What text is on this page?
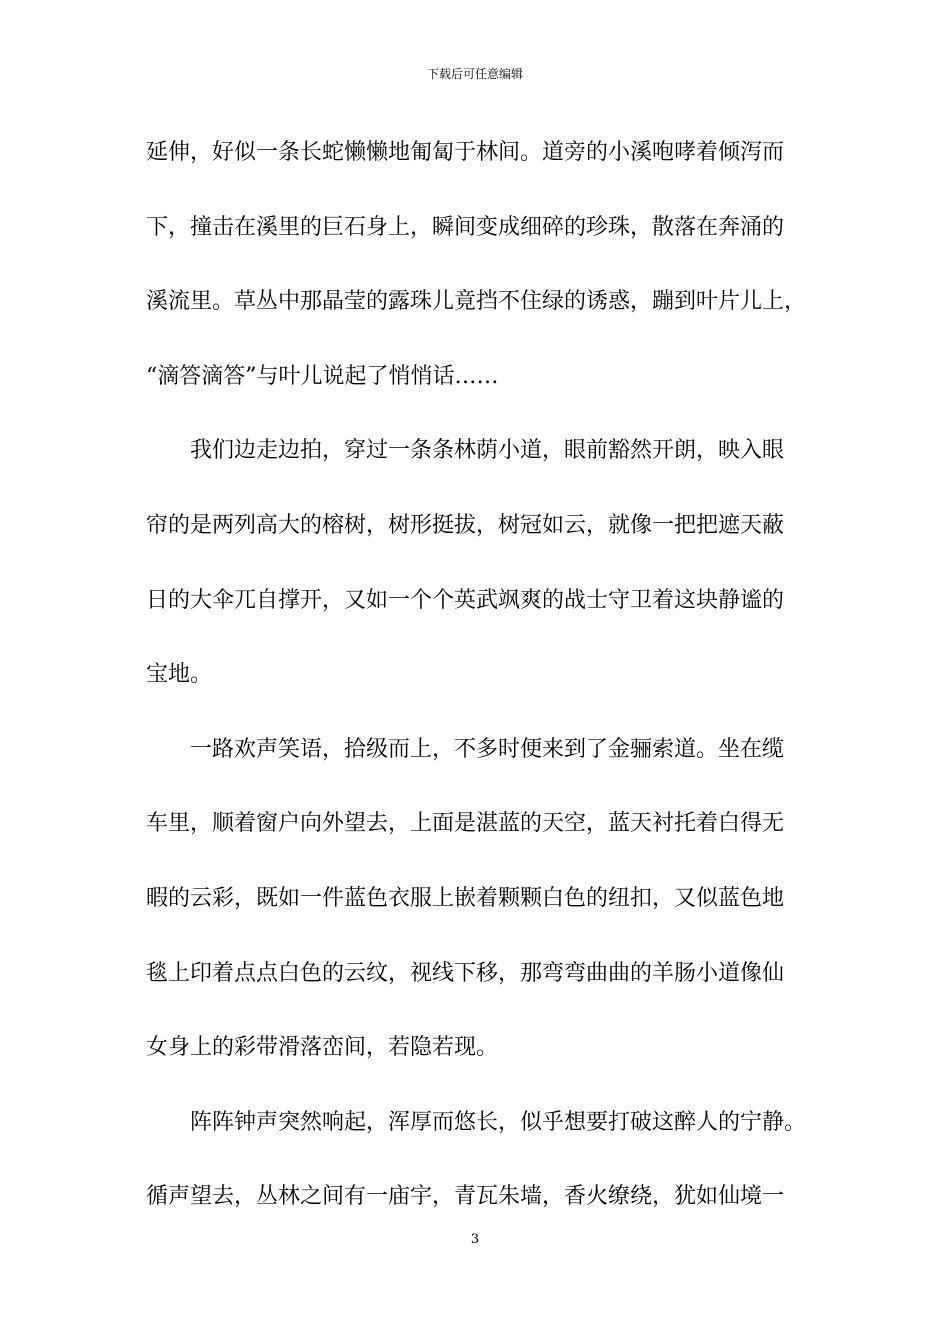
下载后可任意编辑
延伸，好似一条长蛇懒懒地匍匐于林间。道旁的小溪咆哮着倾泻而
下，撞击在溪里的巨石身上，瞬间变成细碎的珍珠，散落在奔涌的
溪流里。草丛中那晶莹的露珠儿竟挡不住绿的诱惑，蹦到叶片儿上，
“滴答滴答”与叶儿说起了悄悄话……
　　我们边走边拍，穿过一条条林荫小道，眼前豁然开朗，映入眼
帘的是两列高大的榕树，树形挺拔，树冠如云，就像一把把遮天蔽
日的大伞兀自撑开，又如一个个英武飒爽的战士守卫着这块静谧的
宝地。
　　一路欢声笑语，拾级而上，不多时便来到了金骊索道。坐在缆
车里，顺着窗户向外望去，上面是湛蓝的天空，蓝天衬托着白得无
暇的云彩，既如一件蓝色衣服上嵌着颗颗白色的纽扣，又似蓝色地
毯上印着点点白色的云纹，视线下移，那弯弯曲曲的羊肠小道像仙
女身上的彩带滑落峦间，若隐若现。
　　阵阵钟声突然响起，浑厚而悠长，似乎想要打破这醉人的宁静。
循声望去，丛林之间有一庙宇，青瓦朱墙，香火缭绕，犹如仙境一
3
